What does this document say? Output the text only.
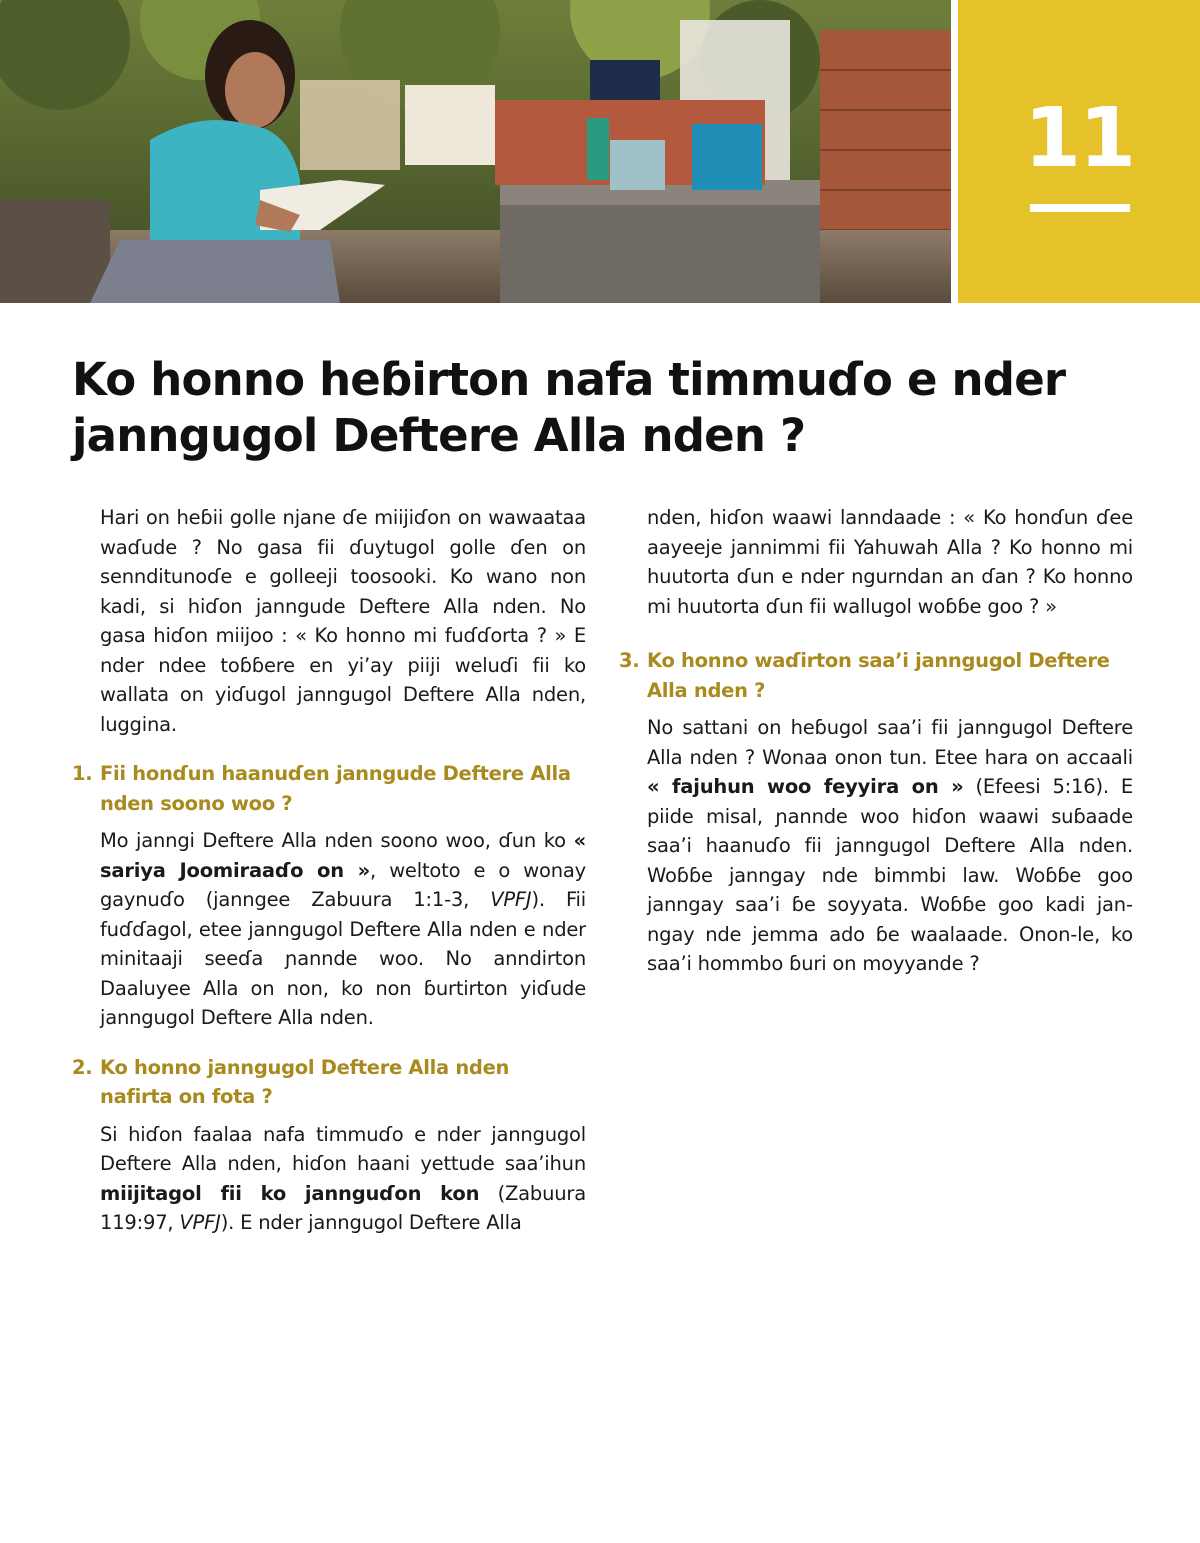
11
Ko honno heɓirton nafa timmuɗo e nder janngugol Deftere Alla nden ?

Hari on heɓii golle njane ɗe miijiɗon on wawaataa waɗude ? No gasa fii ɗuytugol golle ɗen on sennditunoɗe e golleeji toosooki. Ko wano non kadi, si hiɗon janngude Deftere Alla nden. No gasa hiɗon miijoo : « Ko honno mi fuɗɗorta ? » E nder ndee toɓɓere en yi’ay piiji weluɗi fii ko wallata on yiɗugol janngugol Deftere Alla nden, luggina.

1. Fii honɗun haanuɗen janngude Deftere Alla nden soono woo ?

Mo janngi Deftere Alla nden soono woo, ɗun ko « sariya Joomiraaɗo on », weltoto e o wonay gaynuɗo (janngee Zabuura 1:1-3, VPFJ). Fii fuɗɗagol, etee janngugol Deftere Alla nden e nder minitaaji seeɗa ɲannde woo. No anndirton Daaluyee Alla on non, ko non ɓurtirton yiɗude janngugol Deftere Alla nden.

2. Ko honno janngugol Deftere Alla nden nafirta on fota ?

Si hiɗon faalaa nafa timmuɗo e nder janngugol Deftere Alla nden, hiɗon haani yettude saa’ihun miijitagol fii ko jannguɗon kon (Zabuura 119:97, VPFJ). E nder janngugol Deftere Alla

nden, hiɗon waawi lanndaade : « Ko honɗun ɗee aayeeje jannimmi fii Yahuwah Alla ? Ko honno mi huutorta ɗun e nder ngurndan an ɗan ? Ko honno mi huutorta ɗun fii wallugol woɓɓe goo ? »

3. Ko honno waɗirton saa’i janngugol Deftere Alla nden ?

No sattani on heɓugol saa’i fii janngugol Deftere Alla nden ? Wonaa onon tun. Etee hara on accaali « fajuhun woo feyyira on » (Efeesi 5:16). E piide misal, ɲannde woo hiɗon waawi suɓaade saa’i haanuɗo fii janngugol Deftere Alla nden. Woɓɓe janngay nde bimmbi law. Woɓɓe goo janngay saa’i ɓe soyyata. Woɓɓe goo kadi janngay nde jemma ado ɓe waalaade. Onon-le, ko saa’i hommbo ɓuri on moyyande ?
